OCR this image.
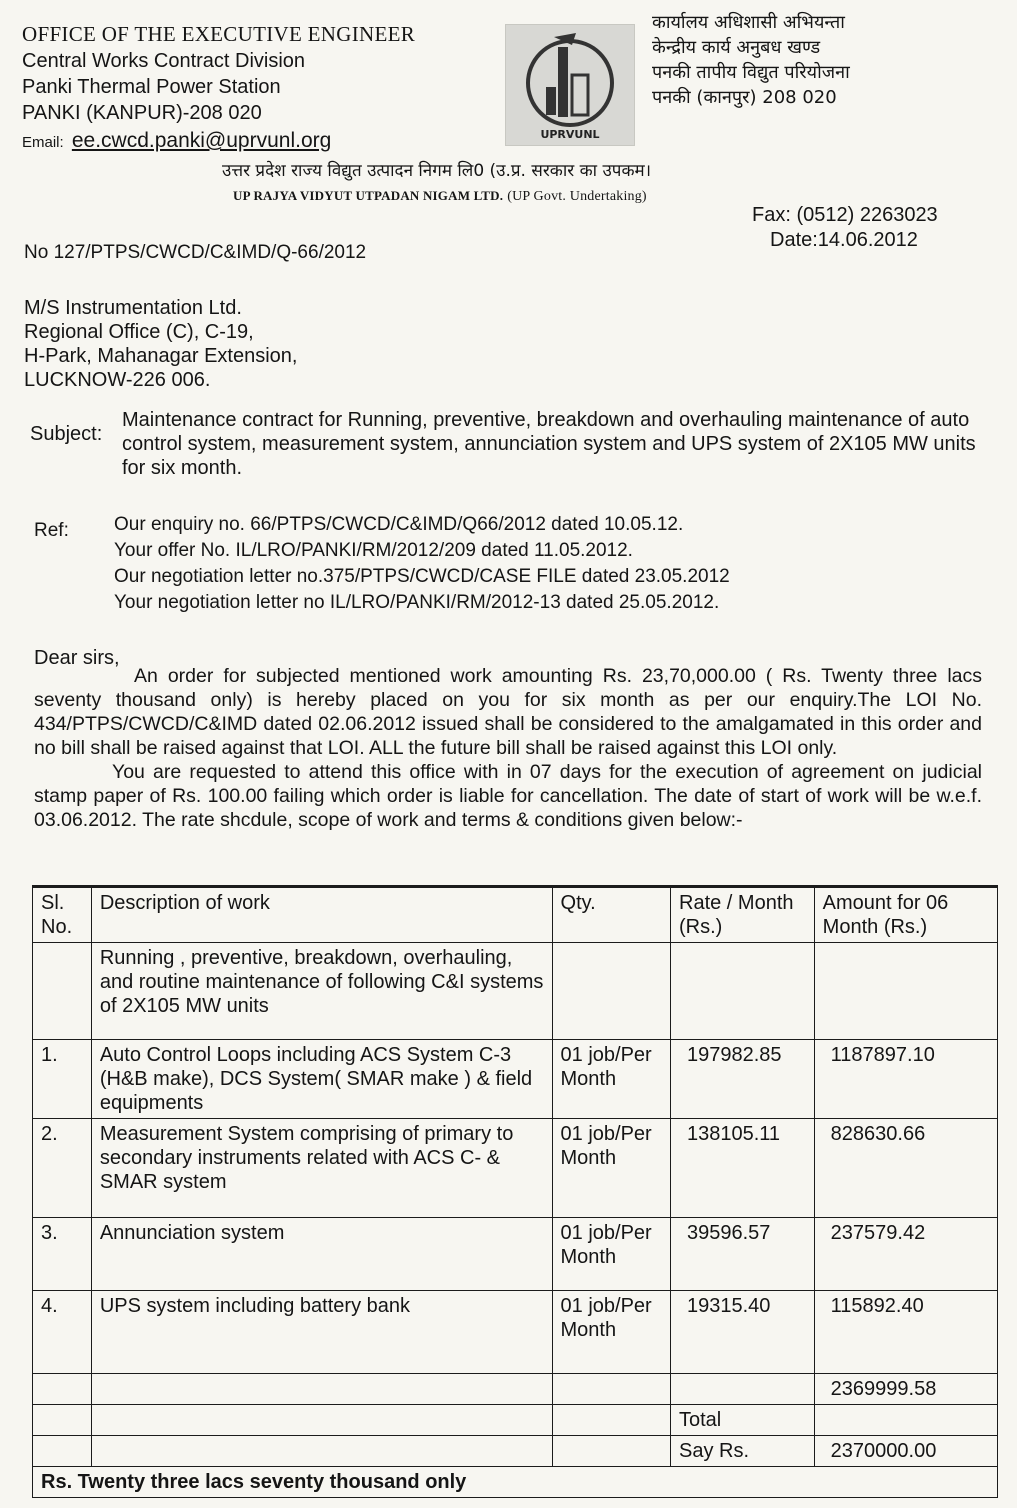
OFFICE OF THE EXECUTIVE ENGINEER
Central Works Contract Division
Panki Thermal Power Station
PANKI (KANPUR)-208 020
Email: ee.cwcd.panki@uprvunl.org	UPRVUNL
कार्यालय अधिशासी अभियन्ता
केन्द्रीय कार्य अनुबध खण्ड
पनकी तापीय विद्युत परियोजना
पनकी (कानपुर) 208 020
उत्तर प्रदेश राज्य विद्युत उत्पादन निगम लि0 (उ.प्र. सरकार का उपकम।
UP RAJYA VIDYUT UTPADAN NIGAM LTD. (UP Govt. Undertaking)
Fax: (0512) 2263023
Date:14.06.2012
No 127/PTPS/CWCD/C&IMD/Q-66/2012
M/S Instrumentation Ltd.
Regional Office (C), C-19,
H-Park, Mahanagar Extension,
LUCKNOW-226 006.
Subject:
Maintenance contract for Running, preventive, breakdown and overhauling maintenance of auto control system, measurement system, annunciation system and UPS system of 2X105 MW units for six month.
Ref: Our enquiry no. 66/PTPS/CWCD/C&IMD/Q66/2012 dated 10.05.12.
Your offer No. IL/LRO/PANKI/RM/2012/209 dated 11.05.2012.
Our negotiation letter no.375/PTPS/CWCD/CASE FILE dated 23.05.2012
Your negotiation letter no IL/LRO/PANKI/RM/2012-13 dated 25.05.2012.
Dear sirs,

An order for subjected mentioned work amounting Rs. 23,70,000.00 ( Rs. Twenty three lacs seventy thousand only) is hereby placed on you for six month as per our enquiry.The LOI No. 434/PTPS/CWCD/C&IMD dated 02.06.2012 issued shall be considered to the amalgamated in this order and no bill shall be raised against that LOI. ALL the future bill shall be raised against this LOI only.

You are requested to attend this office with in 07 days for the execution of agreement on judicial stamp paper of Rs. 100.00 failing which order is liable for cancellation. The date of start of work will be w.e.f. 03.06.2012. The rate shcdule, scope of work and terms & conditions given below:-

Sl. No.	Description of work	Qty.	Rate / Month (Rs.)	Amount for 06 Month (Rs.)
	Running , preventive, breakdown, overhauling, and routine maintenance of following C&I systems of 2X105 MW units			
1.	Auto Control Loops including ACS System C-3 (H&B make), DCS System( SMAR make ) & field equipments	01 job/Per Month	197982.85	1187897.10
2.	Measurement System comprising of primary to secondary instruments related with ACS C- & SMAR system	01 job/Per Month	138105.11	828630.66
3.	Annunciation system	01 job/Per Month	39596.57	237579.42
4.	UPS system including battery bank	01 job/Per Month	19315.40	115892.40
				2369999.58
			Total	
			Say Rs.	2370000.00
Rs. Twenty three lacs seventy thousand only				
